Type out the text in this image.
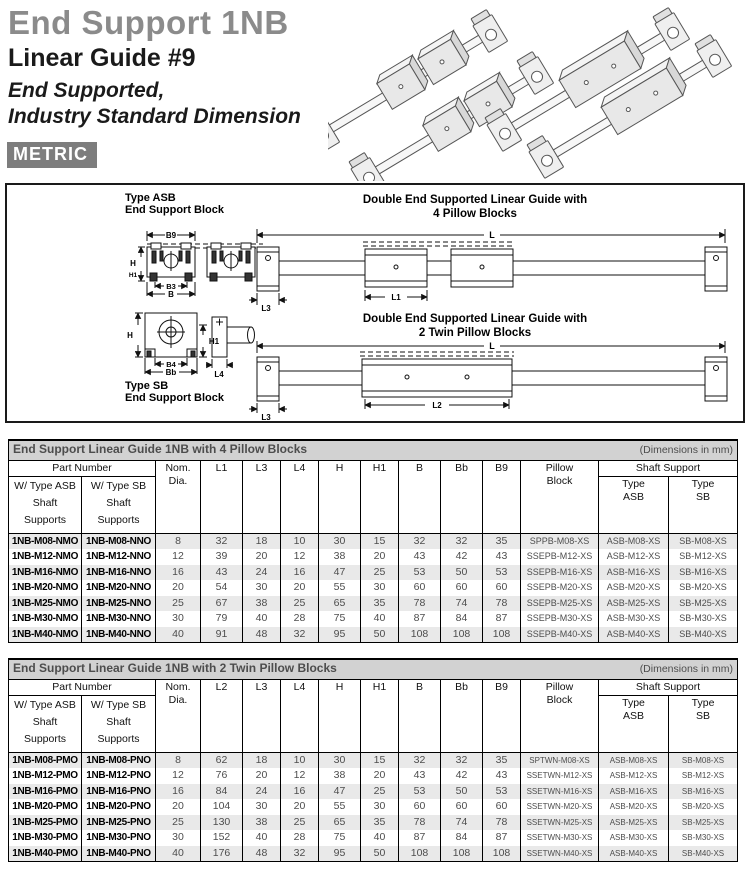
End Support 1NB
Linear Guide #9
End Supported,
Industry Standard Dimension
METRIC
Type ASB
End Support Block
B9
H
H1
B3
B
H
H1
B4
Bb	L4
Type SB
End Support Block
Double End Supported Linear Guide with
4 Pillow Blocks
L
L3
L1
Double End Supported Linear Guide with
2 Twin Pillow Blocks
L
L2
L3
End Support Linear Guide 1NB with 4 Pillow Blocks (Dimensions in mm)													

Part Number	Nom.
Dia.
	L1	L3	L4	H	H1	B	Bb	B9	Pillow
Block
	Shaft Support

W/ Type ASB
Shaft
Supports

W/ Type SB
Shaft
Supports

Type
ASB

Type
SB

1NB-M08-NMO	1NB-M08-NNO	8	32	18	10	30	15	32	32	35	SPPB-M08-XS	ASB-M08-XS	SB-M08-XS
1NB-M12-NMO	1NB-M12-NNO	12	39	20	12	38	20	43	42	43	SSEPB-M12-XS	ASB-M12-XS	SB-M12-XS
1NB-M16-NMO	1NB-M16-NNO	16	43	24	16	47	25	53	50	53	SSEPB-M16-XS	ASB-M16-XS	SB-M16-XS
1NB-M20-NMO	1NB-M20-NNO	20	54	30	20	55	30	60	60	60	SSEPB-M20-XS	ASB-M20-XS	SB-M20-XS
1NB-M25-NMO	1NB-M25-NNO	25	67	38	25	65	35	78	74	78	SSEPB-M25-XS	ASB-M25-XS	SB-M25-XS
1NB-M30-NMO	1NB-M30-NNO	30	79	40	28	75	40	87	84	87	SSEPB-M30-XS	ASB-M30-XS	SB-M30-XS
1NB-M40-NMO	1NB-M40-NNO	40	91	48	32	95	50	108	108	108	SSEPB-M40-XS	ASB-M40-XS	SB-M40-XS
End Support Linear Guide 1NB with 2 Twin Pillow Blocks (Dimensions in mm)													

Part Number	Nom.
Dia.
	L2	L3	L4	H	H1	B	Bb	B9	Pillow
Block
	Shaft Support

W/ Type ASB
Shaft
Supports

W/ Type SB
Shaft
Supports

Type
ASB

Type
SB

1NB-M08-PMO	1NB-M08-PNO	8	62	18	10	30	15	32	32	35	SPTWN-M08-XS	ASB-M08-XS	SB-M08-XS
1NB-M12-PMO	1NB-M12-PNO	12	76	20	12	38	20	43	42	43	SSETWN-M12-XS	ASB-M12-XS	SB-M12-XS
1NB-M16-PMO	1NB-M16-PNO	16	84	24	16	47	25	53	50	53	SSETWN-M16-XS	ASB-M16-XS	SB-M16-XS
1NB-M20-PMO	1NB-M20-PNO	20	104	30	20	55	30	60	60	60	SSETWN-M20-XS	ASB-M20-XS	SB-M20-XS
1NB-M25-PMO	1NB-M25-PNO	25	130	38	25	65	35	78	74	78	SSETWN-M25-XS	ASB-M25-XS	SB-M25-XS
1NB-M30-PMO	1NB-M30-PNO	30	152	40	28	75	40	87	84	87	SSETWN-M30-XS	ASB-M30-XS	SB-M30-XS
1NB-M40-PMO	1NB-M40-PNO	40	176	48	32	95	50	108	108	108	SSETWN-M40-XS	ASB-M40-XS	SB-M40-XS
